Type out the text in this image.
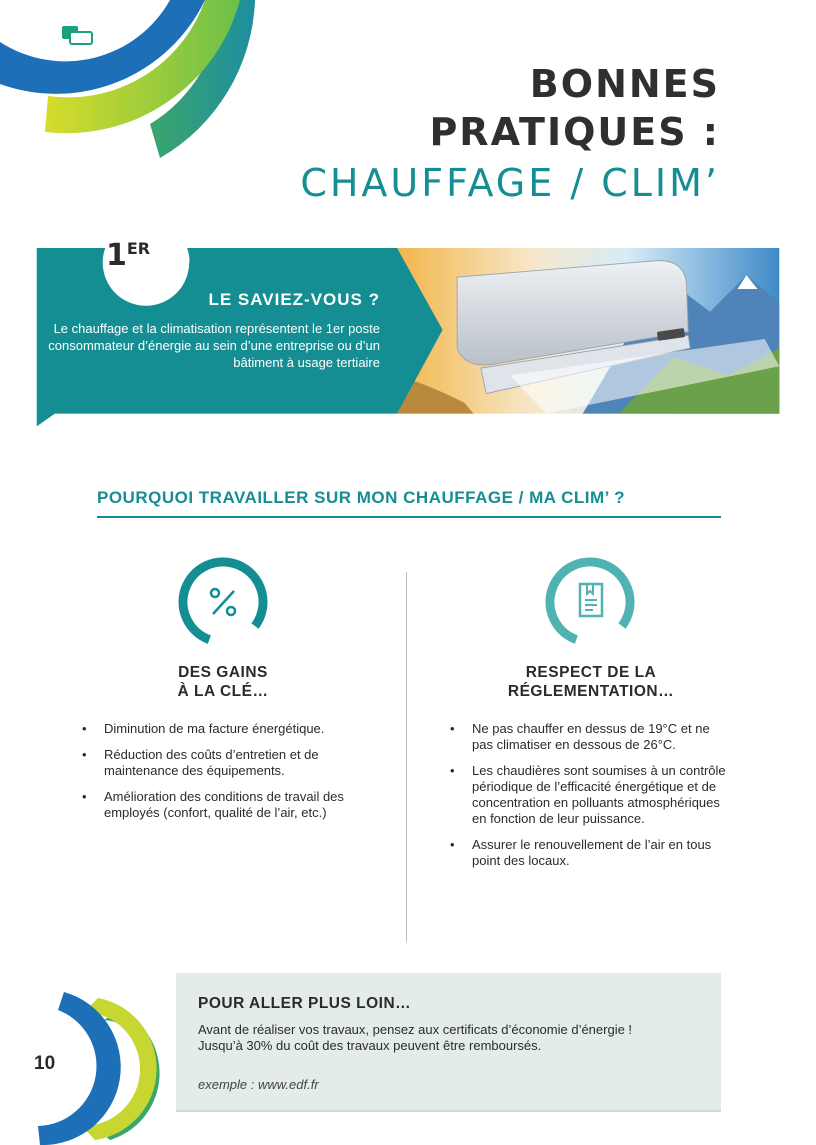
BONNES
PRATIQUES :
CHAUFFAGE / CLIM’
1ER
LE SAVIEZ-VOUS ?
Le chauffage et la climatisation représentent le 1er poste consommateur d’énergie au sein d’une entreprise ou d’un bâtiment à usage tertiaire
POURQUOI TRAVAILLER SUR MON CHAUFFAGE / MA CLIM’ ?
DES GAINS
À LA CLÉ…
• Diminution de ma facture énergétique.
• Réduction des coûts d’entretien et de maintenance des équipements.
• Amélioration des conditions de travail des employés (confort, qualité de l’air, etc.)
RESPECT DE LA
RÉGLEMENTATION…
• Ne pas chauffer en dessus de 19°C et ne pas climatiser en dessous de 26°C.
• Les chaudières sont soumises à un contrôle périodique de l’efficacité énergétique et de concentration en polluants atmosphériques en fonction de leur puissance.
• Assurer le renouvellement de l’air en tous point des locaux.
POUR ALLER PLUS LOIN…
Avant de réaliser vos travaux, pensez aux certificats d’économie d’énergie ! Jusqu’à 30% du coût des travaux peuvent être remboursés.
exemple : www.edf.fr
10
